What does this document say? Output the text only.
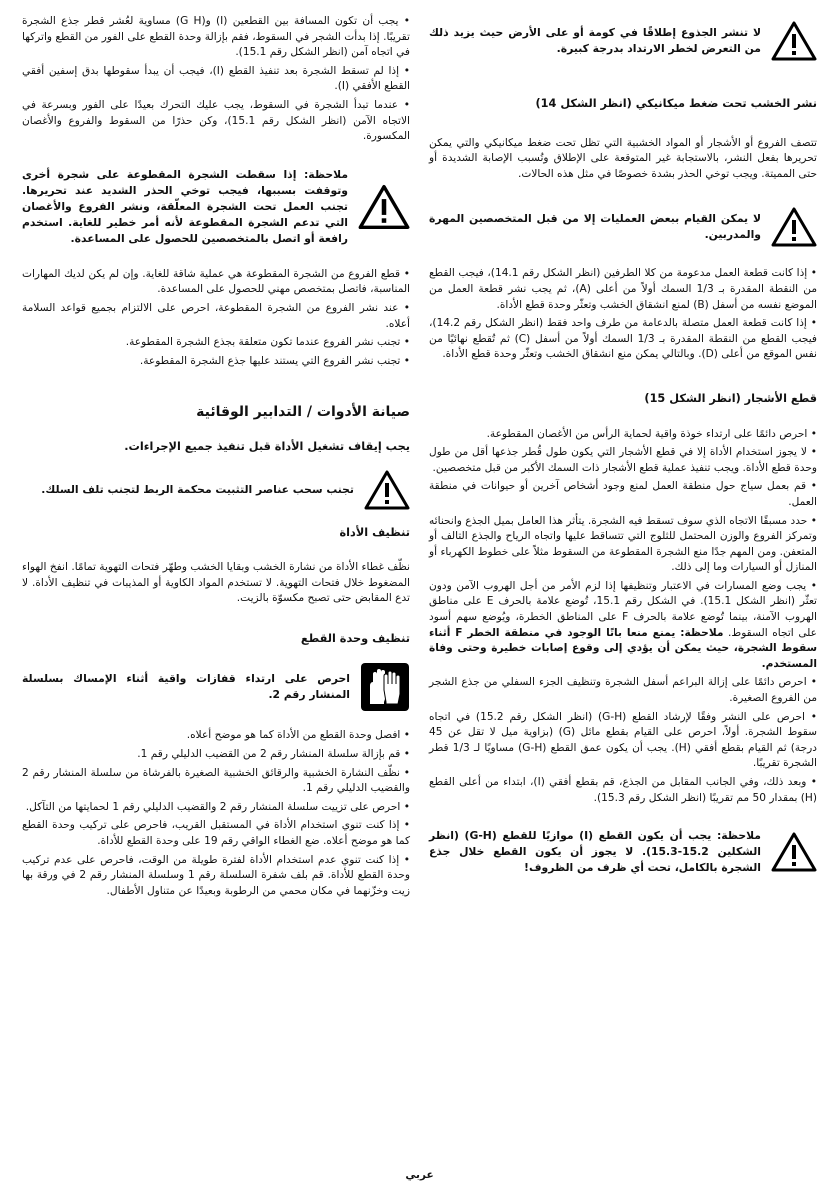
لا تنشر الجذوع إطلاقًا في كومة أو على الأرض حيث يزيد ذلك من التعرض لخطر الارتداد بدرجة كبيرة.

نشر الخشب تحت ضغط ميكانيكي (انظر الشكل 14)

تتصف الفروع أو الأشجار أو المواد الخشبية التي تظل تحت ضغط ميكانيكي والتي يمكن تحريرها بفعل النشر، بالاستجابة غير المتوقعة على الإطلاق وتُسبب الإصابة الشديدة أو حتى المميتة. ويجب توخي الحذر بشدة خصوصًا في مثل هذه الحالات.

لا يمكن القيام ببعض العمليات إلا من قبل المتخصصين المهرة والمدربين.

• إذا كانت قطعة العمل مدعومة من كلا الطرفين (انظر الشكل رقم 14.1)، فيجب القطع من النقطة المقدرة بـ 1/3 السمك أولاً من أعلى (A)، ثم يجب نشر قطعة العمل من الموضع نفسه من أسفل (B) لمنع انشقاق الخشب وتعثّر وحدة قطع الأداة.

• إذا كانت قطعة العمل متصلة بالدعامة من طرف واحد فقط (انظر الشكل رقم 14.2)، فيجب القطع من النقطة المقدرة بـ 1/3 السمك أولاً من أسفل (C) ثم تُقطع نهائيًا من نفس الموقع من أعلى (D). وبالتالي يمكن منع انشقاق الخشب وتعثّر وحدة قطع الأداة.

قطع الأشجار (انظر الشكل 15)

• احرص دائمًا على ارتداء خوذة واقية لحماية الرأس من الأغصان المقطوعة.

• لا يجوز استخدام الأداة إلا في قطع الأشجار التي يكون طول قُطر جذعها أقل من طول وحدة قطع الأداة. ويجب تنفيذ عملية قطع الأشجار ذات السمك الأكبر من قبل متخصصين.

• قم بعمل سياج حول منطقة العمل لمنع وجود أشخاص آخرين أو حيوانات في منطقة العمل.

• حدد مسبقًا الاتجاه الذي سوف تسقط فيه الشجرة. يتأثر هذا العامل بميل الجذع وانحنائه وتمركز الفروع والوزن المحتمل للثلوج التي تتساقط عليها واتجاه الرياح والجذع التالف أو المتعفن. ومن المهم جدًا منع الشجرة المقطوعة من السقوط مثلاً على خطوط الكهرباء أو المنازل أو السيارات وما إلى ذلك.

• يجب وضع المسارات في الاعتبار وتنظيفها إذا لزم الأمر من أجل الهروب الآمن ودون تعثّر (انظر الشكل 15.1). في الشكل رقم 15.1، تُوضع علامة بالحرف E على مناطق الهروب الآمنة، بينما تُوضع علامة بالحرف F على المناطق الخطرة، ويُوضع سهم أسود على اتجاه السقوط. ملاحظة: يمنع منعا باتًا الوجود في منطقة الخطر F أثناء سقوط الشجرة، حيث يمكن أن يؤدي إلى وقوع إصابات خطيرة وحتى وفاة المستخدم.

• احرص دائمًا على إزالة البراعم أسفل الشجرة وتنظيف الجزء السفلي من جذع الشجر من الفروع الصغيرة.

• احرص على النشر وفقًا لإرشاد القطع (G-H) (انظر الشكل رقم 15.2) في اتجاه سقوط الشجرة. أولاً، احرص على القيام بقطع مائل (G) (بزاوية ميل لا تقل عن 45 درجة) ثم القيام بقطع أفقي (H). يجب أن يكون عمق القطع (G-H) مساويًا لـ 1/3 قطر الشجرة تقريبًا.

• وبعد ذلك، وفي الجانب المقابل من الجذع، قم بقطع أفقي (I)، ابتداء من أعلى القطع (H) بمقدار 50 مم تقريبًا (انظر الشكل رقم 15.3).

ملاحظة: يجب أن يكون القطع (I) موازيًا للقطع (G-H) (انظر الشكلين 15.2-15.3). لا يجوز أن يكون القطع خلال جذع الشجرة بالكامل، تحت أي ظرف من الظروف!

• يجب أن تكون المسافة بين القطعين (I) و(G H) مساوية لعُشر قطر جذع الشجرة تقريبًا. إذا بدأت الشجر في السقوط، فقم بإزالة وحدة القطع على الفور من القطع واتركها في اتجاه آمن (انظر الشكل رقم 15.1).

• إذا لم تسقط الشجرة بعد تنفيذ القطع (I)، فيجب أن يبدأ سقوطها بدق إسفين أفقي القطع الأفقي (I).

• عندما تبدأ الشجرة في السقوط، يجب عليك التحرك بعيدًا على الفور وبسرعة في الاتجاه الآمن (انظر الشكل رقم 15.1)، وكن حذرًا من السقوط والفروع والأغصان المكسورة.

ملاحظة: إذا سقطت الشجرة المقطوعة على شجرة أخرى وتوقفت بسببها، فيجب توخي الحذر الشديد عند تحريرها. تجنب العمل تحت الشجرة المعلّقة، ونشر الفروع والأغصان التي تدعم الشجرة المقطوعة لأنه أمر خطير للغاية. استخدم رافعة أو اتصل بالمتخصصين للحصول على المساعدة.

• قطع الفروع من الشجرة المقطوعة هي عملية شاقة للغاية. وإن لم يكن لديك المهارات المناسبة، فاتصل بمتخصص مهني للحصول على المساعدة.

• عند نشر الفروع من الشجرة المقطوعة، احرص على الالتزام بجميع قواعد السلامة أعلاه.

• تجنب نشر الفروع عندما تكون متعلقة بجذع الشجرة المقطوعة.

• تجنب نشر الفروع التي يستند عليها جذع الشجرة المقطوعة.

صيانة الأدوات / التدابير الوقائية

يجب إيقاف تشغيل الأداة قبل تنفيذ جميع الإجراءات.

تجنب سحب عناصر التثبيت محكمة الربط لتجنب تلف السلك.

تنظيف الأداة

نظّف غطاء الأداة من نشارة الخشب وبقايا الخشب وطهّر فتحات التهوية تمامًا. انفخ الهواء المضغوط خلال فتحات التهوية. لا تستخدم المواد الكاوية أو المذيبات في تنظيف الأداة. لا تدع المقابض حتى تصبح مكسوّة بالزيت.

تنظيف وحدة القطع

احرص على ارتداء قفازات واقية أثناء الإمساك بسلسلة المنشار رقم 2.

• افصل وحدة القطع من الأداة كما هو موضح أعلاه.

• قم بإزالة سلسلة المنشار رقم 2 من القضيب الدليلي رقم 1.

• نظّف النشارة الخشبية والرقائق الخشبية الصغيرة بالفرشاة من سلسلة المنشار رقم 2 والقضيب الدليلي رقم 1.

• احرص على تزييت سلسلة المنشار رقم 2 والقضيب الدليلي رقم 1 لحمايتها من التآكل.

• إذا كنت تنوي استخدام الأداة في المستقبل القريب، فاحرص على تركيب وحدة القطع كما هو موضح أعلاه. ضع الغطاء الواقي رقم 19 على وحدة القطع للأداة.

• إذا كنت تنوي عدم استخدام الأداة لفترة طويلة من الوقت، فاحرص على عدم تركيب وحدة القطع للأداة. قم بلف شفرة السلسلة رقم 1 وسلسلة المنشار رقم 2 في ورقة بها زيت وخزّنهما في مكان محمي من الرطوبة وبعيدًا عن متناول الأطفال.

عربي
